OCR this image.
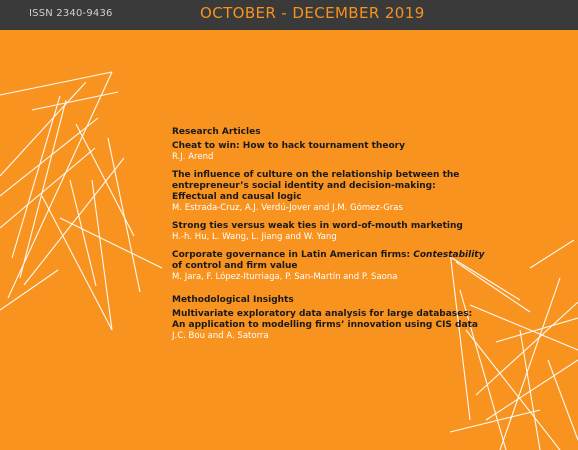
ISSN 2340-9436	OCTOBER - DECEMBER 2019
Research Articles
Cheat to win: How to hack tournament theory
R.J. Arend
The influence of culture on the relationship between the
entrepreneur’s social identity and decision-making:
Effectual and causal logic
M. Estrada-Cruz, A.J. Verdú-Jover and J.M. Gómez-Gras
Strong ties versus weak ties in word-of-mouth marketing
H.-h. Hu, L. Wang, L. Jiang and W. Yang
Corporate governance in Latin American firms: Contestability
of control and firm value
M. Jara, F. López-Iturriaga, P. San-Martín and P. Saona
Methodological Insights
Multivariate exploratory data analysis for large databases:
An application to modelling firms’ innovation using CIS data
J.C. Bou and A. Satorra
